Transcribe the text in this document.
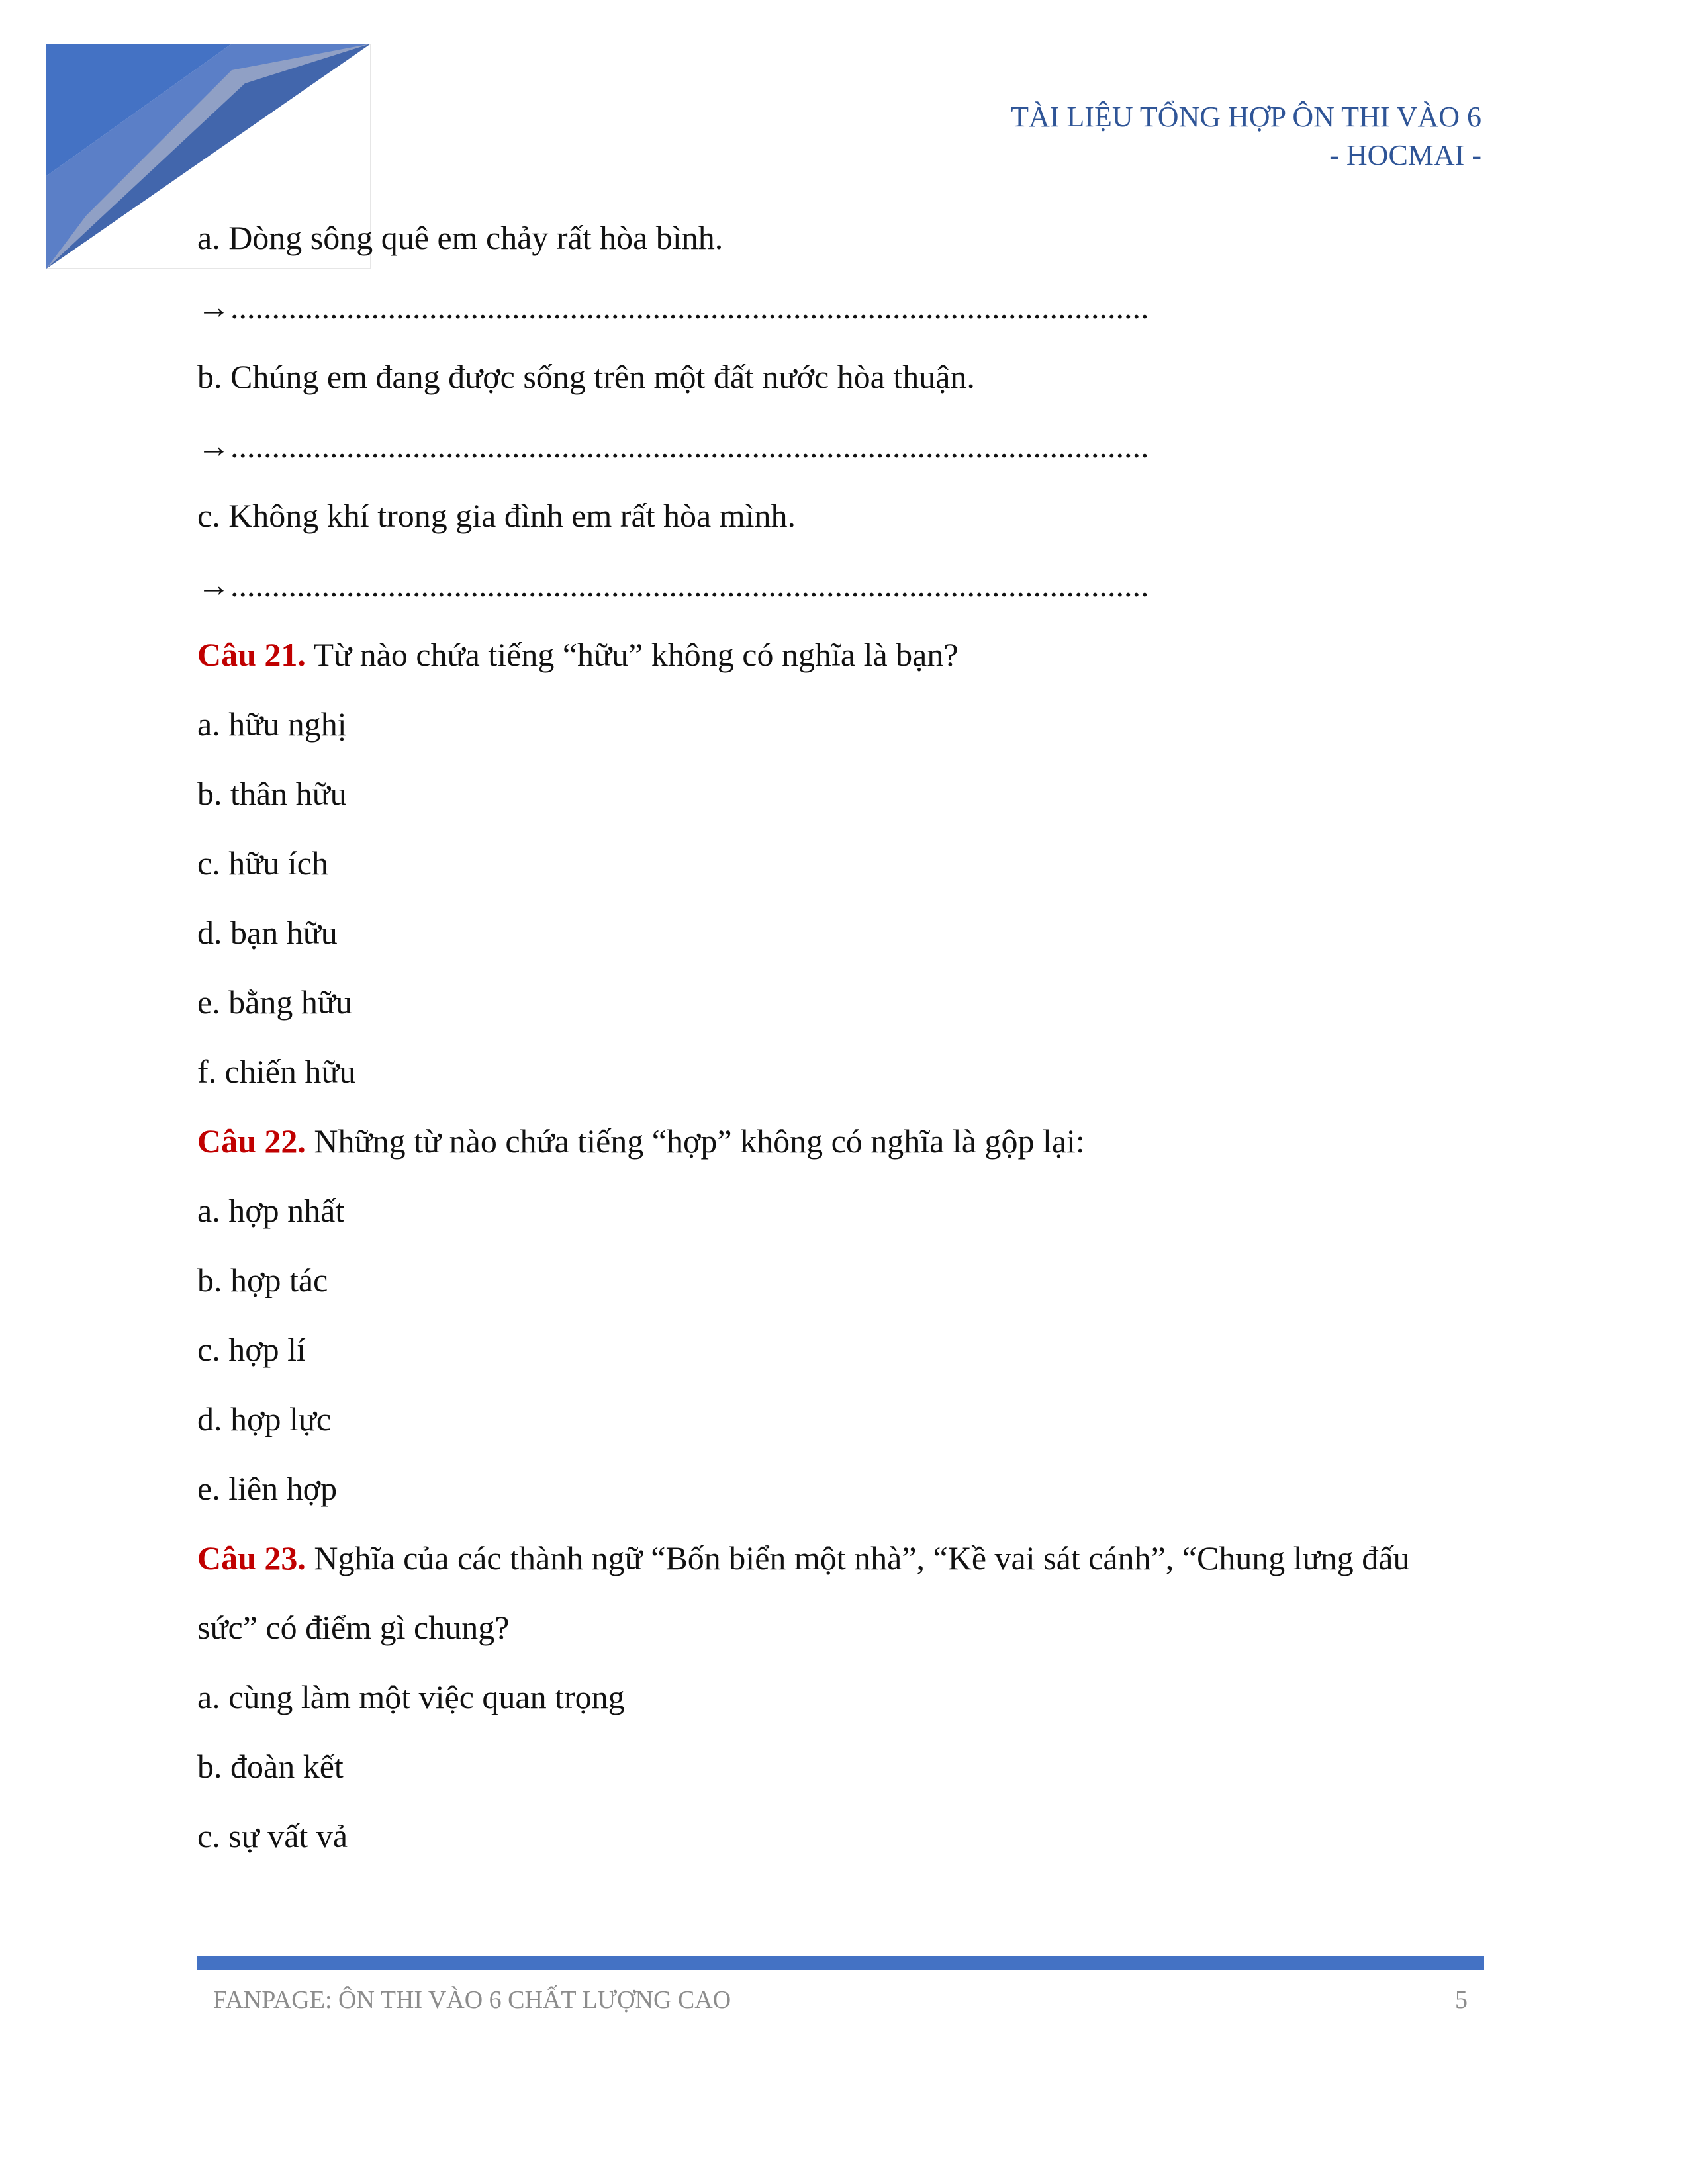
TÀI LIỆU TỔNG HỢP ÔN THI VÀO 6
- HOCMAI -
a. Dòng sông quê em chảy rất hòa bình.
→...............................................................................................................
b. Chúng em đang được sống trên một đất nước hòa thuận.
→...............................................................................................................
c. Không khí trong gia đình em rất hòa mình.
→...............................................................................................................
Câu 21. Từ nào chứa tiếng “hữu” không có nghĩa là bạn?
a. hữu nghị
b. thân hữu
c. hữu ích
d. bạn hữu
e. bằng hữu
f. chiến hữu
Câu 22. Những từ nào chứa tiếng “hợp” không có nghĩa là gộp lại:
a. hợp nhất
b. hợp tác
c. hợp lí
d. hợp lực
e. liên hợp
Câu 23. Nghĩa của các thành ngữ “Bốn biển một nhà”, “Kề vai sát cánh”, “Chung lưng đấu
sức” có điểm gì chung?
a. cùng làm một việc quan trọng
b. đoàn kết
c. sự vất vả
FANPAGE: ÔN THI VÀO 6 CHẤT LƯỢNG CAO	5
